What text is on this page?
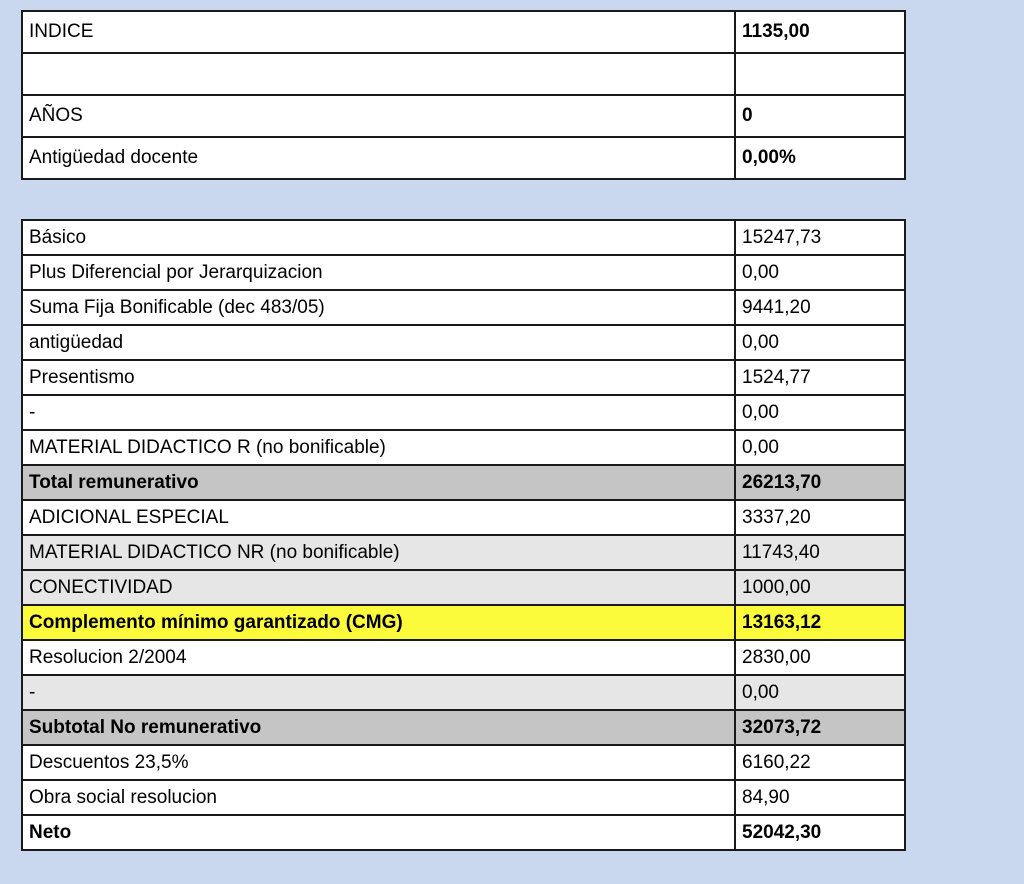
INDICE	1135,00

AÑOS	0
Antigüedad docente	0,00%
Básico	15247,73
Plus Diferencial por Jerarquizacion	0,00
Suma Fija Bonificable (dec 483/05)	9441,20
antigüedad	0,00
Presentismo	1524,77
-	0,00
MATERIAL DIDACTICO R (no bonificable)	0,00
Total remunerativo	26213,70
ADICIONAL ESPECIAL	3337,20
MATERIAL DIDACTICO NR (no bonificable)	11743,40
CONECTIVIDAD	1000,00
Complemento mínimo garantizado (CMG)	13163,12
Resolucion 2/2004	2830,00
-	0,00
Subtotal No remunerativo	32073,72
Descuentos 23,5%	6160,22
Obra social resolucion	84,90
Neto	52042,30
